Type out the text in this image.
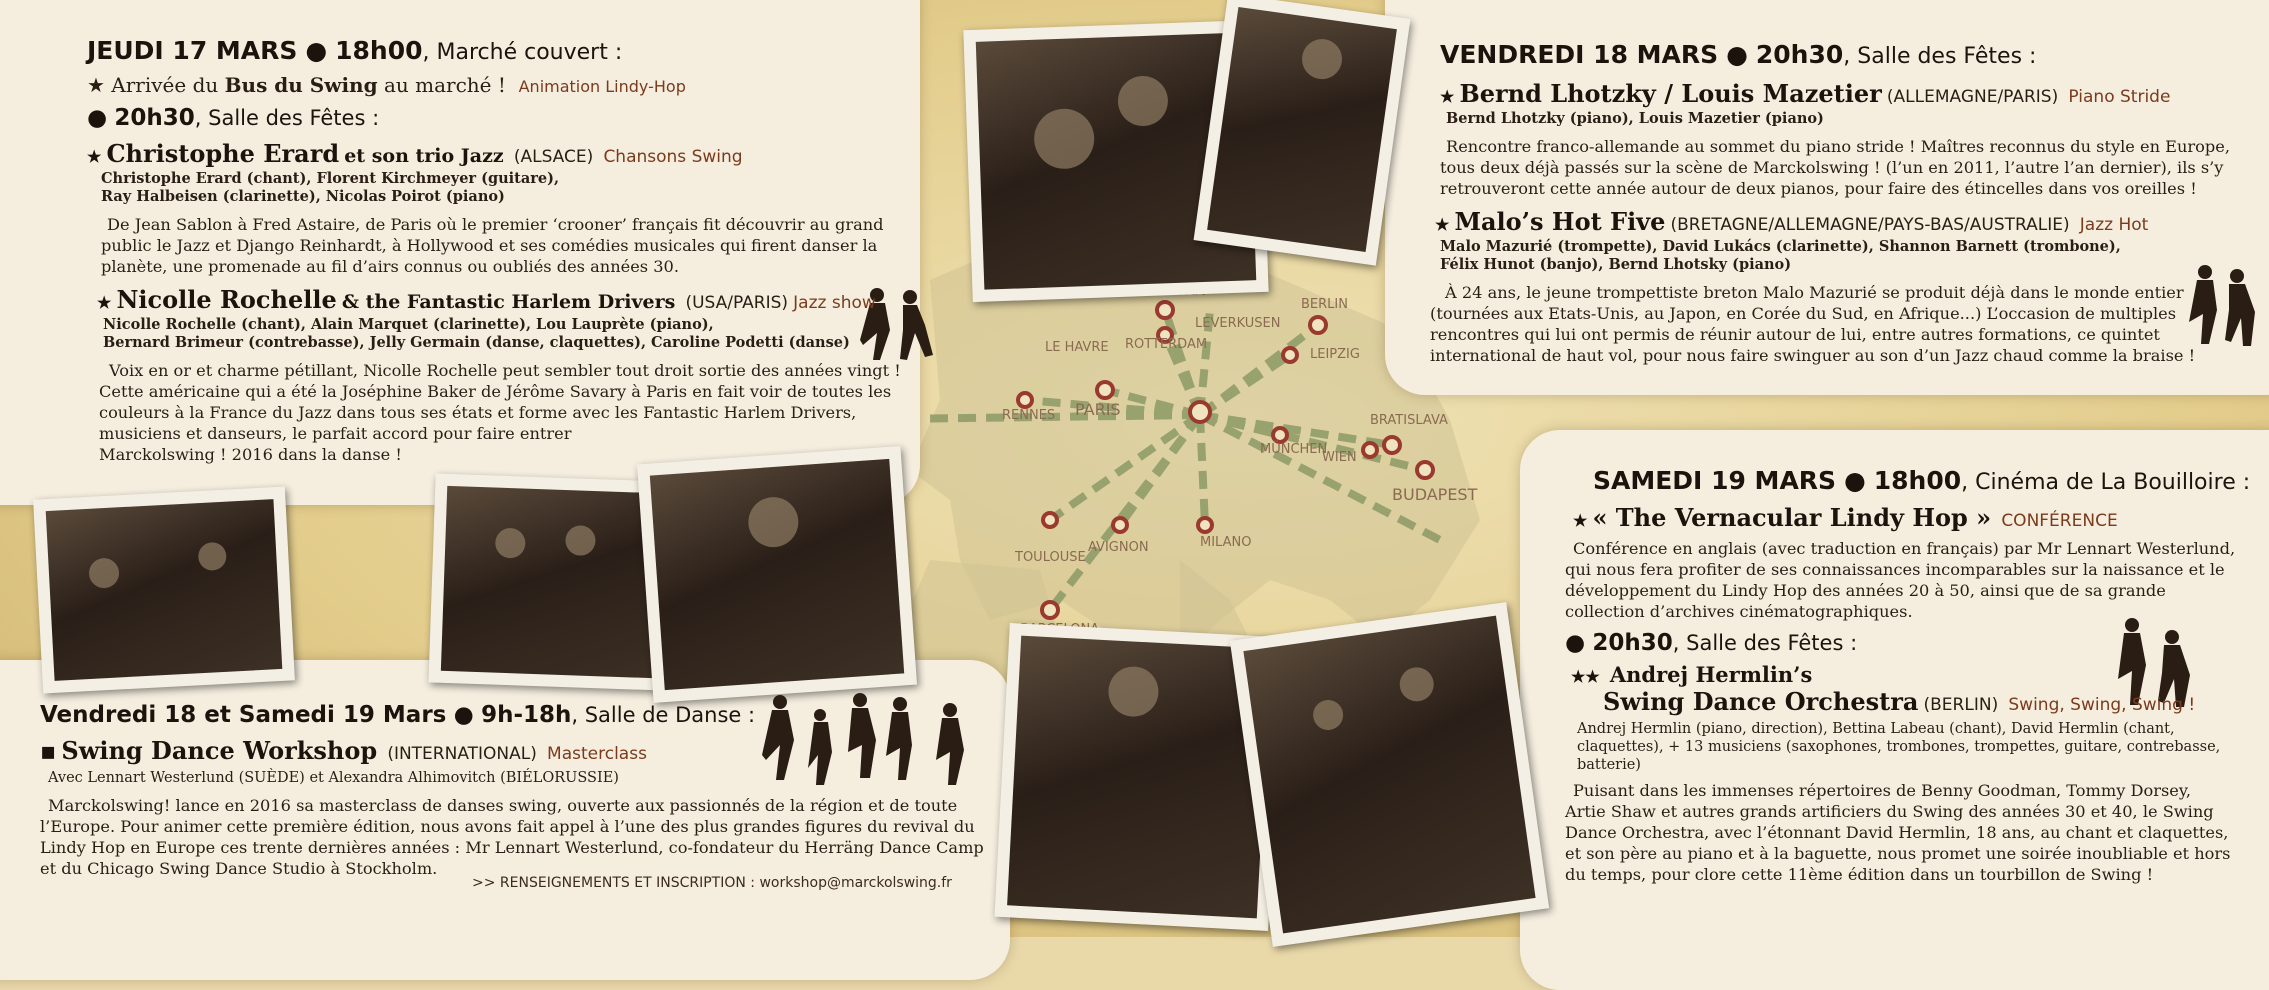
LEVERKUSEN
BERLIN
LE HAVRE ROTTERDAM
LEIPZIG
RENNES PARIS
BRATISLAVA
MÜNCHEN
WIEN
BUDAPEST
TOULOUSE
AVIGNON	MILANO
JEUDI 17 MARS ● 18h00, Marché couvert :
★ Arrivée du Bus du Swing au marché ! Animation Lindy-Hop
● 20h30, Salle des Fêtes :
★ Christophe Erard et son trio Jazz (ALSACE) Chansons Swing
Christophe Erard (chant), Florent Kirchmeyer (guitare),
Ray Halbeisen (clarinette), Nicolas Poirot (piano)
De Jean Sablon à Fred Astaire, de Paris où le premier ‘crooner’ français fit découvrir au grand
public le Jazz et Django Reinhardt, à Hollywood et ses comédies musicales qui firent danser la
planète, une promenade au fil d’airs connus ou oubliés des années 30.
★ Nicolle Rochelle & the Fantastic Harlem Drivers (USA/PARIS) Jazz show
Nicolle Rochelle (chant), Alain Marquet (clarinette), Lou Lauprète (piano),
Bernard Brimeur (contrebasse), Jelly Germain (danse, claquettes), Caroline Podetti (danse)
Voix en or et charme pétillant, Nicolle Rochelle peut sembler tout droit sortie des années vingt !
Cette américaine qui a été la Joséphine Baker de Jérôme Savary à Paris en fait voir de toutes les
couleurs à la France du Jazz dans tous ses états et forme avec les Fantastic Harlem Drivers,
musiciens et danseurs, le parfait accord pour faire entrer
Marckolswing ! 2016 dans la danse !
Vendredi 18 et Samedi 19 Mars ● 9h-18h, Salle de Danse :
▪ Swing Dance Workshop (INTERNATIONAL) Masterclass
Avec Lennart Westerlund (SUÈDE) et Alexandra Alhimovitch (BIÉLORUSSIE)
Marckolswing! lance en 2016 sa masterclass de danses swing, ouverte aux passionnés de la région et de toute
l’Europe. Pour animer cette première édition, nous avons fait appel à l’une des plus grandes figures du revival du
Lindy Hop en Europe ces trente dernières années : Mr Lennart Westerlund, co-fondateur du Herräng Dance Camp
et du Chicago Swing Dance Studio à Stockholm.
>> RENSEIGNEMENTS ET INSCRIPTION : workshop@marckolswing.fr
VENDREDI 18 MARS ● 20h30, Salle des Fêtes :
★ Bernd Lhotzky / Louis Mazetier (ALLEMAGNE/PARIS) Piano Stride
Bernd Lhotzky (piano), Louis Mazetier (piano)
Rencontre franco-allemande au sommet du piano stride ! Maîtres reconnus du style en Europe,
tous deux déjà passés sur la scène de Marckolswing ! (l’un en 2011, l’autre l’an dernier), ils s’y
retrouveront cette année autour de deux pianos, pour faire des étincelles dans vos oreilles !
★ Malo’s Hot Five (BRETAGNE/ALLEMAGNE/PAYS-BAS/AUSTRALIE) Jazz Hot
Malo Mazurié (trompette), David Lukács (clarinette), Shannon Barnett (trombone),
Félix Hunot (banjo), Bernd Lhotsky (piano)
À 24 ans, le jeune trompettiste breton Malo Mazurié se produit déjà dans le monde entier
(tournées aux Etats-Unis, au Japon, en Corée du Sud, en Afrique...) L’occasion de multiples
rencontres qui lui ont permis de réunir autour de lui, entre autres formations, ce quintet
international de haut vol, pour nous faire swinguer au son d’un Jazz chaud comme la braise !
SAMEDI 19 MARS ● 18h00, Cinéma de La Bouilloire :
★ « The Vernacular Lindy Hop » CONFÉRENCE
Conférence en anglais (avec traduction en français) par Mr Lennart Westerlund,
qui nous fera profiter de ses connaissances incomparables sur la naissance et le
développement du Lindy Hop des années 20 à 50, ainsi que de sa grande
collection d’archives cinématographiques.
● 20h30, Salle des Fêtes :
★★ Andrej Hermlin’s
Swing Dance Orchestra (BERLIN) Swing, Swing, Swing !
Andrej Hermlin (piano, direction), Bettina Labeau (chant), David Hermlin (chant,
claquettes), + 13 musiciens (saxophones, trombones, trompettes, guitare, contrebasse,
batterie)
Puisant dans les immenses répertoires de Benny Goodman, Tommy Dorsey,
Artie Shaw et autres grands artificiers du Swing des années 30 et 40, le Swing
Dance Orchestra, avec l’étonnant David Hermlin, 18 ans, au chant et claquettes,
et son père au piano et à la baguette, nous promet une soirée inoubliable et hors
du temps, pour clore cette 11ème édition dans un tourbillon de Swing !
